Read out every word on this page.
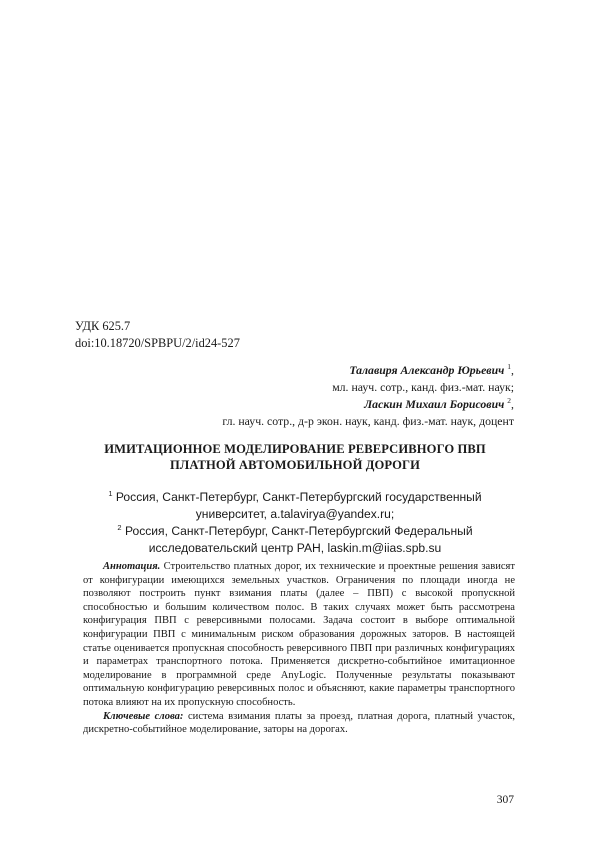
УДК 625.7
doi:10.18720/SPBPU/2/id24-527
Талавиря Александр Юрьевич $^1$,
мл. науч. сотр., канд. физ.-мат. наук;
Ласкин Михаил Борисович $^2$,
гл. науч. сотр., д-р экон. наук, канд. физ.-мат. наук, доцент
ИМИТАЦИОННОЕ МОДЕЛИРОВАНИЕ РЕВЕРСИВНОГО ПВП
ПЛАТНОЙ АВТОМОБИЛЬНОЙ ДОРОГИ
$^1$ Россия, Санкт-Петербург, Санкт-Петербургский государственный
университет, a.talavirya@yandex.ru;
$^2$ Россия, Санкт-Петербург, Санкт-Петербургский Федеральный
исследовательский центр РАН, laskin.m@iias.spb.su

Аннотация. Строительство платных дорог, их технические и проектные решения зависят от конфигурации имеющихся земельных участков. Ограничения по площади иногда не позволяют построить пункт взимания платы (далее – ПВП) с высокой пропускной способностью и большим количеством полос. В таких случаях может быть рассмотрена конфигурация ПВП с реверсивными полосами. Задача состоит в выборе оптимальной конфигурации ПВП с минимальным риском образования дорожных заторов. В настоящей статье оценивается пропускная способность реверсивного ПВП при различных конфигурациях и параметрах транспортного потока. Применяется дискретно-событийное имитационное моделирование в программной среде AnyLogic. Полученные результаты показывают оптимальную конфигурацию реверсивных полос и объясняют, какие параметры транспортного потока влияют на их пропускную способность.

Ключевые слова: система взимания платы за проезд, платная дорога, платный участок, дискретно-событийное моделирование, заторы на дорогах.

307
